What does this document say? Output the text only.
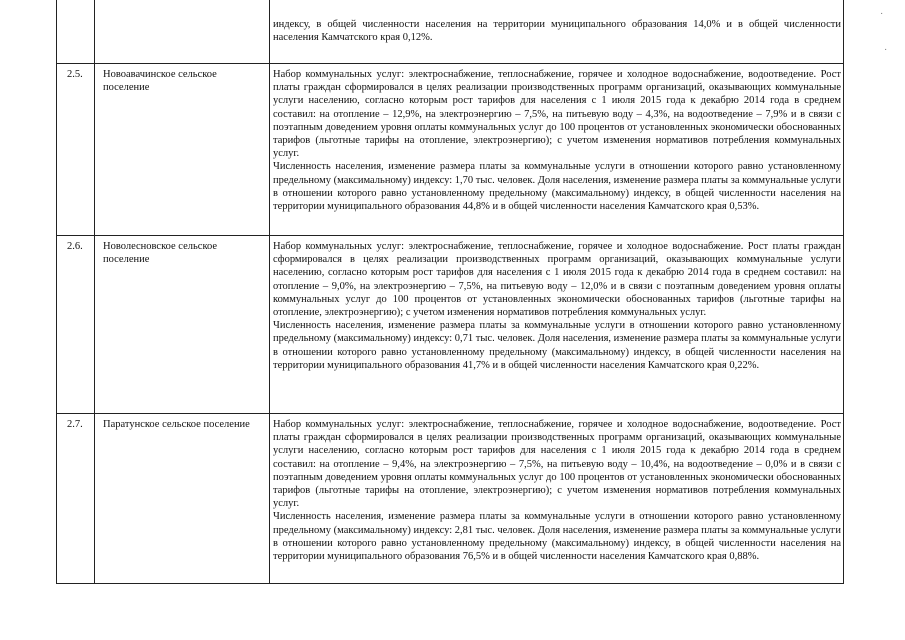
·
·

индексу, в общей численности населения на территории муниципального образования 14,0% и в общей численности населения Камчатского края 0,12%.

2.5. Новоавачинское сельское поселение

Набор коммунальных услуг: электроснабжение, теплоснабжение, горячее и холодное водоснабжение, водоотведение. Рост платы граждан сформировался в целях реализации производственных программ организаций, оказывающих коммунальные услуги населению, согласно которым рост тарифов для населения с 1 июля 2015 года к декабрю 2014 года в среднем составил: на отопление – 12,9%, на электроэнергию – 7,5%, на питьевую воду – 4,3%, на водоотведение – 7,9% и в связи с поэтапным доведением уровня оплаты коммунальных услуг до 100 процентов от установленных экономически обоснованных тарифов (льготные тарифы на отопление, электроэнергию); с учетом изменения нормативов потребления коммунальных услуг.

Численность населения, изменение размера платы за коммунальные услуги в отношении которого равно установленному предельному (максимальному) индексу: 1,70 тыс. человек. Доля населения, изменение размера платы за коммунальные услуги в отношении которого равно установленному предельному (максимальному) индексу, в общей численности населения на территории муниципального образования 44,8% и в общей численности населения Камчатского края 0,53%.

2.6. Новолесновское сельское поселение

Набор коммунальных услуг: электроснабжение, теплоснабжение, горячее и холодное водоснабжение. Рост платы граждан сформировался в целях реализации производственных программ организаций, оказывающих коммунальные услуги населению, согласно которым рост тарифов для населения с 1 июля 2015 года к декабрю 2014 года в среднем составил: на отопление – 9,0%, на электроэнергию – 7,5%, на питьевую воду – 12,0% и в связи с поэтапным доведением уровня оплаты коммунальных услуг до 100 процентов от установленных экономически обоснованных тарифов (льготные тарифы на отопление, электроэнергию); с учетом изменения нормативов потребления коммунальных услуг.

Численность населения, изменение размера платы за коммунальные услуги в отношении которого равно установленному предельному (максимальному) индексу: 0,71 тыс. человек. Доля населения, изменение размера платы за коммунальные услуги в отношении которого равно установленному предельному (максимальному) индексу, в общей численности населения на территории муниципального образования 41,7% и в общей численности населения Камчатского края 0,22%.

2.7. Паратунское сельское поселение	Набор коммунальных услуг: электроснабжение, теплоснабжение, горячее и холодное водоснабжение, водоотведение. Рост платы граждан сформировался в целях реализации производственных программ организаций, оказывающих коммунальные услуги населению, согласно которым рост тарифов для населения с 1 июля 2015 года к декабрю 2014 года в среднем составил: на отопление – 9,4%, на электроэнергию – 7,5%, на питьевую воду – 10,4%, на водоотведение – 0,0% и в связи с поэтапным доведением уровня оплаты коммунальных услуг до 100 процентов от установленных экономически обоснованных тарифов (льготные тарифы на отопление, электроэнергию); с учетом изменения нормативов потребления коммунальных услуг.

Численность населения, изменение размера платы за коммунальные услуги в отношении которого равно установленному предельному (максимальному) индексу: 2,81 тыс. человек. Доля населения, изменение размера платы за коммунальные услуги в отношении которого равно установленному предельному (максимальному) индексу, в общей численности населения на территории муниципального образования 76,5% и в общей численности населения Камчатского края 0,88%.
